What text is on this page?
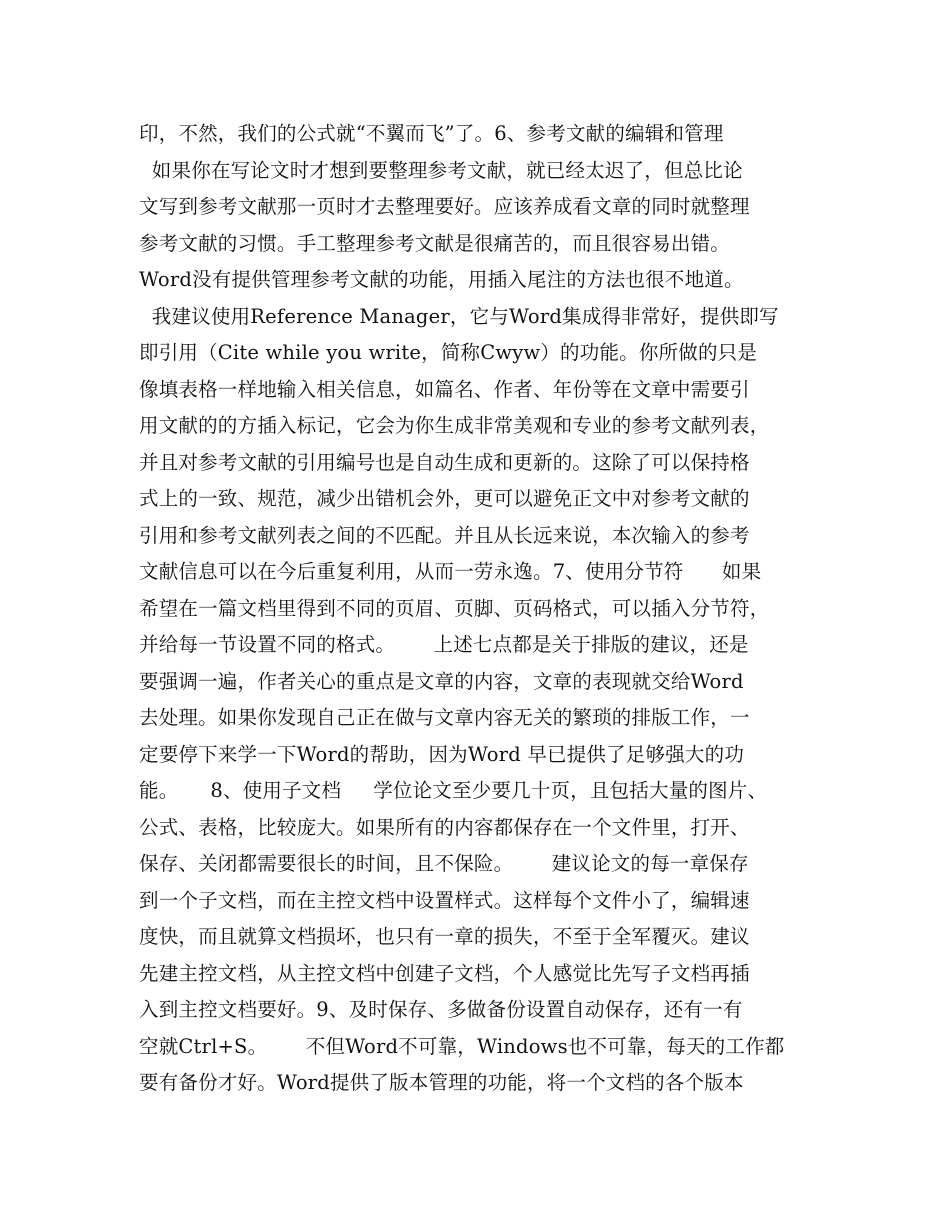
印，不然，我们的公式就“不翼而飞”了。6、参考文献的编辑和管理
如果你在写论文时才想到要整理参考文献，就已经太迟了，但总比论
文写到参考文献那一页时才去整理要好。应该养成看文章的同时就整理
参考文献的习惯。手工整理参考文献是很痛苦的，而且很容易出错。
Word没有提供管理参考文献的功能，用插入尾注的方法也很不地道。
我建议使用Reference Manager，它与Word集成得非常好，提供即写
即引用（Cite while you write，简称Cwyw）的功能。你所做的只是
像填表格一样地输入相关信息，如篇名、作者、年份等在文章中需要引
用文献的的方插入标记，它会为你生成非常美观和专业的参考文献列表，
并且对参考文献的引用编号也是自动生成和更新的。这除了可以保持格
式上的一致、规范，减少出错机会外，更可以避免正文中对参考文献的
引用和参考文献列表之间的不匹配。并且从长远来说，本次输入的参考
文献信息可以在今后重复利用，从而一劳永逸。7、使用分节符      如果
希望在一篇文档里得到不同的页眉、页脚、页码格式，可以插入分节符，
并给每一节设置不同的格式。      上述七点都是关于排版的建议，还是
要强调一遍，作者关心的重点是文章的内容，文章的表现就交给Word
去处理。如果你发现自己正在做与文章内容无关的繁琐的排版工作，一
定要停下来学一下Word的帮助，因为Word 早已提供了足够强大的功
能。     8、使用子文档     学位论文至少要几十页，且包括大量的图片、
公式、表格，比较庞大。如果所有的内容都保存在一个文件里，打开、
保存、关闭都需要很长的时间，且不保险。      建议论文的每一章保存
到一个子文档，而在主控文档中设置样式。这样每个文件小了，编辑速
度快，而且就算文档损坏，也只有一章的损失，不至于全军覆灭。建议
先建主控文档，从主控文档中创建子文档，个人感觉比先写子文档再插
入到主控文档要好。9、及时保存、多做备份设置自动保存，还有一有
空就Ctrl+S。      不但Word不可靠，Windows也不可靠，每天的工作都
要有备份才好。Word提供了版本管理的功能，将一个文档的各个版本
